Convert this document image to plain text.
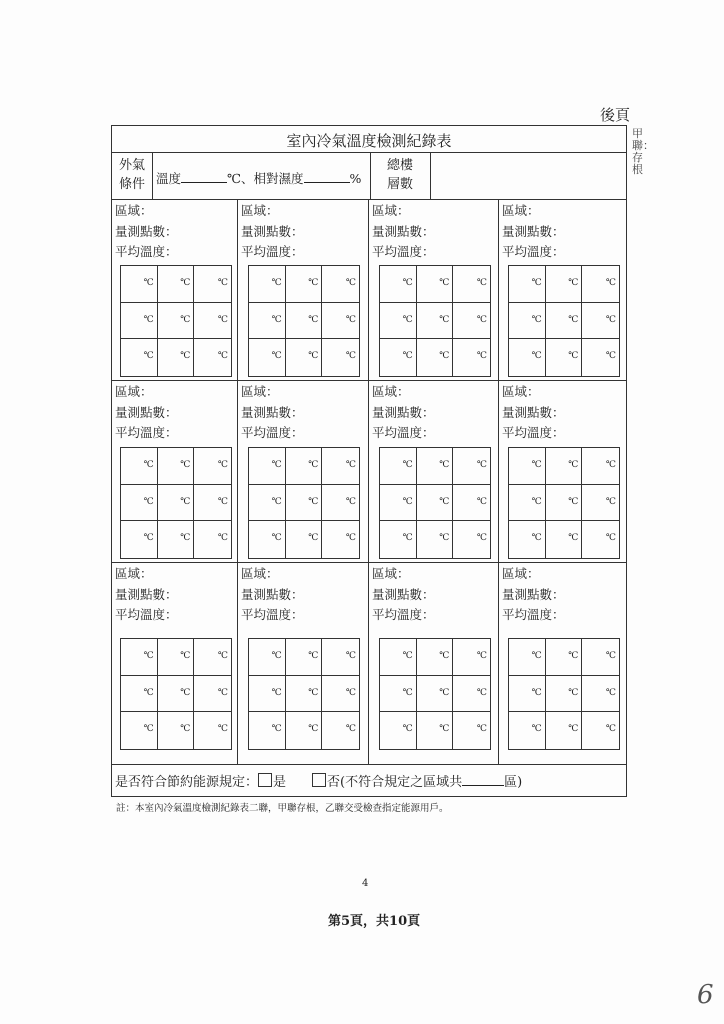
後頁
甲聯：存根
室內冷氣溫度檢測紀錄表
外氣條件 溫度	℃、相對濕度	%
總樓層數
區域：
量測點數：
平均溫度：
℃	℃	℃
℃	℃	℃
℃	℃	℃
區域：
量測點數：
平均溫度：
℃	℃	℃
℃	℃	℃
℃	℃	℃
區域：
量測點數：
平均溫度：
℃	℃	℃
℃	℃	℃
℃	℃	℃
區域：
量測點數：
平均溫度：
℃	℃	℃
℃	℃	℃
℃	℃	℃
區域：
量測點數：
平均溫度：
℃	℃	℃
℃	℃	℃
℃	℃	℃
區域：
量測點數：
平均溫度：
℃	℃	℃
℃	℃	℃
℃	℃	℃
區域：
量測點數：
平均溫度：
℃	℃	℃
℃	℃	℃
℃	℃	℃
區域：
量測點數：
平均溫度：
℃	℃	℃
℃	℃	℃
℃	℃	℃
區域：
量測點數：
平均溫度：
℃	℃	℃
℃	℃	℃
℃	℃	℃
區域：
量測點數：
平均溫度：
℃	℃	℃
℃	℃	℃
℃	℃	℃
區域：
量測點數：
平均溫度：
℃	℃	℃
℃	℃	℃
℃	℃	℃
區域：
量測點數：
平均溫度：
℃	℃	℃
℃	℃	℃
℃	℃	℃
是否符合節約能源規定： 是	否(不符合規定之區域共	區)
註：本室內冷氣溫度檢測紀錄表二聯，甲聯存根，乙聯交受檢查指定能源用戶。
4
第5頁，共10頁
6
